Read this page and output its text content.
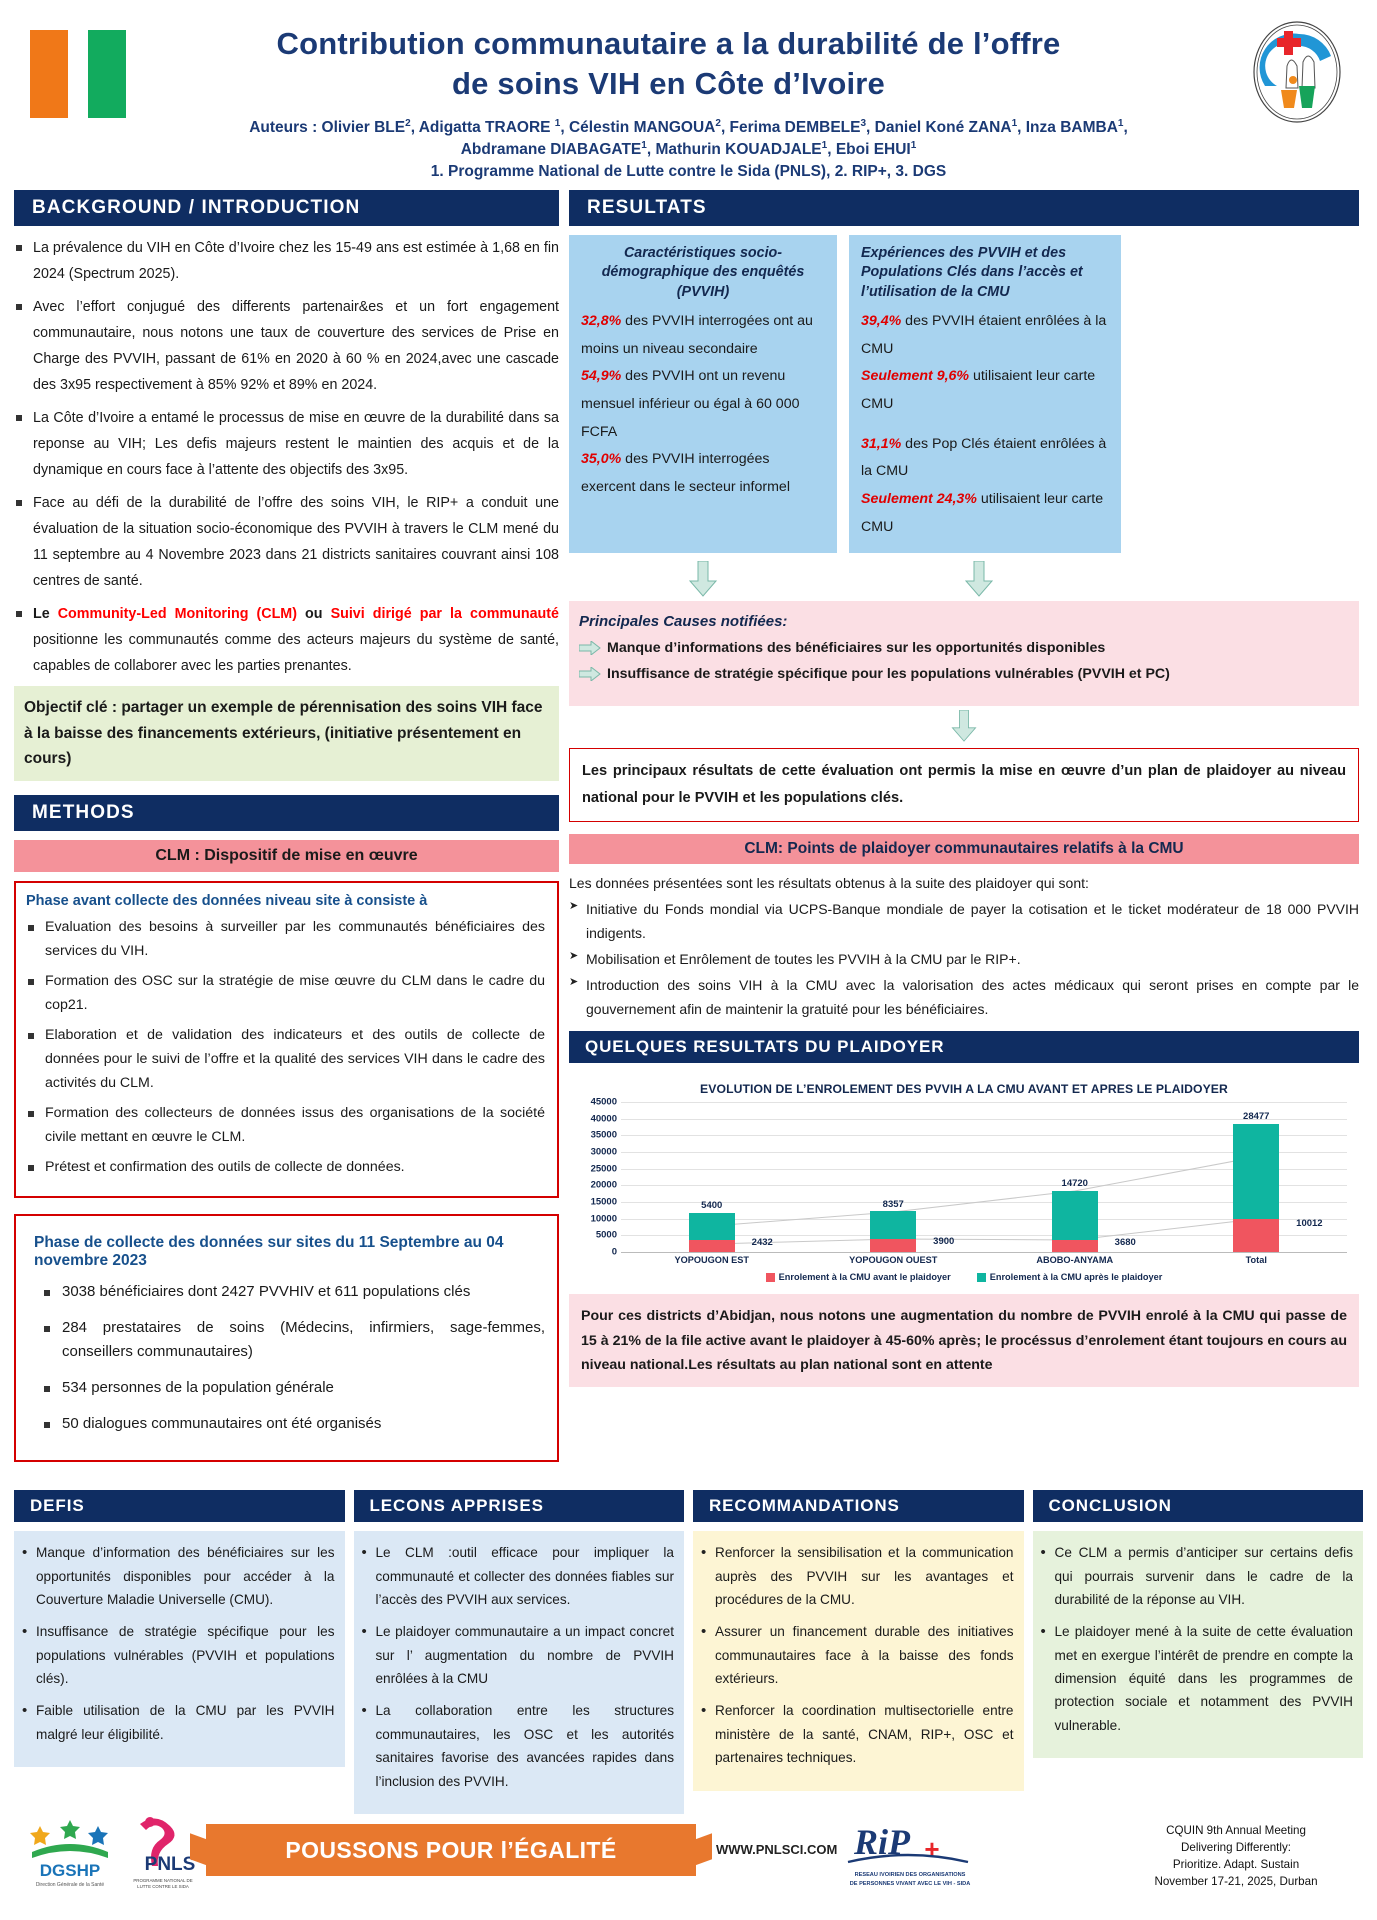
Contribution communautaire a la durabilité de l’offre
de soins VIH en Côte d’Ivoire
Auteurs : Olivier BLE$^2$, Adigatta TRAORE $^1$, Célestin MANGOUA$^2$, Ferima DEMBELE$^3$, Daniel Koné ZANA$^1$, Inza BAMBA$^1$,
Abdramane DIABAGATE$^1$, Mathurin KOUADJALE$^1$, Eboi EHUI$^1$
1. Programme National de Lutte contre le Sida (PNLS), 2. RIP+, 3. DGS
BACKGROUND / INTRODUCTION
La prévalence du VIH en Côte d’Ivoire chez les 15-49 ans est estimée à 1,68 en fin 2024 (Spectrum 2025).
Avec l’effort conjugué des differents partenair&es et un fort engagement communautaire, nous notons une taux de couverture des services de Prise en Charge des PVVIH, passant de 61% en 2020 à 60 % en 2024,avec une cascade des 3x95 respectivement à 85% 92% et 89% en 2024.
La Côte d’Ivoire a entamé le processus de mise en œuvre de la durabilité dans sa reponse au VIH; Les defis majeurs restent le maintien des acquis et de la dynamique en cours face à l’attente des objectifs des 3x95.
Face au défi de la durabilité de l’offre des soins VIH, le RIP+ a conduit une évaluation de la situation socio-économique des PVVIH à travers le CLM mené du 11 septembre au 4 Novembre 2023 dans 21 districts sanitaires couvrant ainsi 108 centres de santé.
Le Community-Led Monitoring (CLM) ou Suivi dirigé par la communauté positionne les communautés comme des acteurs majeurs du système de santé, capables de collaborer avec les parties prenantes.
Objectif clé : partager un exemple de pérennisation des soins VIH face à la baisse des financements extérieurs, (initiative présentement en cours)
METHODS
CLM : Dispositif de mise en œuvre
Phase avant collecte des données niveau site à consiste à
Evaluation des besoins à surveiller par les communautés bénéficiaires des services du VIH.
Formation des OSC sur la stratégie de mise œuvre du CLM dans le cadre du cop21.
Elaboration et de validation des indicateurs et des outils de collecte de données pour le suivi de l’offre et la qualité des services VIH dans le cadre des activités du CLM.
Formation des collecteurs de données issus des organisations de la société civile mettant en œuvre le CLM.
Prétest et confirmation des outils de collecte de données.
Phase de collecte des données sur sites du 11 Septembre au 04 novembre 2023
3038 bénéficiaires dont 2427 PVVHIV et 611 populations clés
284 prestataires de soins (Médecins, infirmiers, sage-femmes, conseillers communautaires)
534 personnes de la population générale
50 dialogues communautaires ont été organisés
RESULTATS
Caractéristiques socio-démographique des enquêtés (PVVIH)
32,8% des PVVIH interrogées ont au moins un niveau secondaire
54,9% des PVVIH ont un revenu mensuel inférieur ou égal à 60 000 FCFA
35,0% des PVVIH interrogées exercent dans le secteur informel
Expériences des PVVIH et des Populations Clés dans l’accès et l’utilisation de la CMU
39,4% des PVVIH étaient enrôlées à la CMU
Seulement 9,6% utilisaient leur carte CMU
31,1% des Pop Clés étaient enrôlées à la CMU
Seulement 24,3% utilisaient leur carte CMU
Principales Causes notifiées:
Manque d’informations des bénéficiaires sur les opportunités disponibles
Insuffisance de stratégie spécifique pour les populations vulnérables (PVVIH et PC)
Les principaux résultats de cette évaluation ont permis la mise en œuvre d’un plan de plaidoyer au niveau national pour le PVVIH et les populations clés.
CLM: Points de plaidoyer communautaires relatifs à la CMU
Les données présentées sont les résultats obtenus à la suite des plaidoyer qui sont:
➤ Initiative du Fonds mondial via UCPS-Banque mondiale de payer la cotisation et le ticket modérateur de 18 000 PVVIH indigents.
➤ Mobilisation et Enrôlement de toutes les PVVIH à la CMU par le RIP+.
➤ Introduction des soins VIH à la CMU avec la valorisation des actes médicaux qui seront prises en compte par le gouvernement afin de maintenir la gratuité pour les bénéficiaires.
QUELQUES RESULTATS DU PLAIDOYER
EVOLUTION DE L’ENROLEMENT DES PVVIH A LA CMU AVANT ET APRES LE PLAIDOYER
45000
40000
35000
30000
25000
20000
15000
10000
5000
0
5400
2432
8357
3900
14720
3680
28477
10012
YOPOUGON EST	YOPOUGON OUEST	ABOBO-ANYAMA	Total
Enrolement à la CMU avant le plaidoyer	Enrolement à la CMU après le plaidoyer
Pour ces districts d’Abidjan, nous notons une augmentation du nombre de PVVIH enrolé à la CMU qui passe de 15 à 21% de la file active avant le plaidoyer à 45-60% après; le procéssus d’enrolement étant toujours en cours au niveau national.Les résultats au plan national sont en attente
DEFIS
• Manque d’information des bénéficiaires sur les opportunités disponibles pour accéder à la Couverture Maladie Universelle (CMU).
• Insuffisance de stratégie spécifique pour les populations vulnérables (PVVIH et populations clés).
• Faible utilisation de la CMU par les PVVIH malgré leur éligibilité.
LECONS APPRISES
• Le CLM :outil efficace pour impliquer la communauté et collecter des données fiables sur l’accès des PVVIH aux services.
• Le plaidoyer communautaire a un impact concret sur l’ augmentation du nombre de PVVIH enrôlées à la CMU
• La collaboration entre les structures communautaires, les OSC et les autorités sanitaires favorise des avancées rapides dans l’inclusion des PVVIH.
RECOMMANDATIONS
• Renforcer la sensibilisation et la communication auprès des PVVIH sur les avantages et procédures de la CMU.
• Assurer un financement durable des initiatives communautaires face à la baisse des fonds extérieurs.
• Renforcer la coordination multisectorielle entre ministère de la santé, CNAM, RIP+, OSC et partenaires techniques.
CONCLUSION
• Ce CLM a permis d’anticiper sur certains defis qui pourrais survenir dans le cadre de la durabilité de la réponse au VIH.
• Le plaidoyer mené à la suite de cette évaluation met en exergue l’intérêt de prendre en compte la dimension équité dans les programmes de protection sociale et notamment des PVVIH vulnerable.
DGSHP
Direction Générale de la Santé
PNLS
PROGRAMME NATIONAL DE
LUTTE CONTRE LE SIDA
POUSSONS POUR l’ÉGALITÉ	WWW.PNLSCI.COM RiP +
RESEAU IVOIRIEN DES ORGANISATIONS
DE PERSONNES VIVANT AVEC LE VIH - SIDA
CQUIN 9th Annual Meeting
Delivering Differently:
Prioritize. Adapt. Sustain
November 17-21, 2025, Durban
